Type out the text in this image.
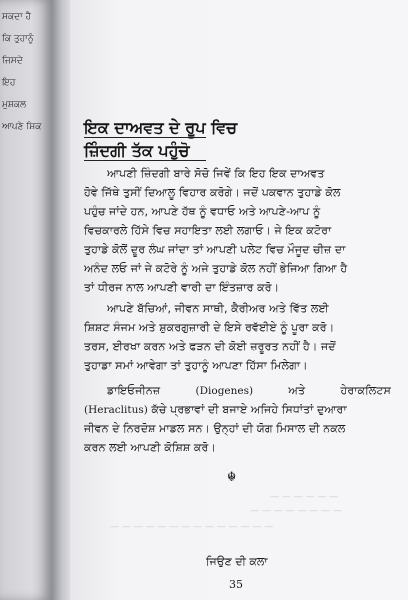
ਸਕਦਾ ਹੈ
ਕਿ ਤੁਹਾਨੂੰ
ਜਿਸਦੇ
ਇਹ
ਮੁਸ਼ਕਲ
ਆਪਣੇ ਸ਼ਿਕ	ਇਕ ਦਾਅਵਤ ਦੇ ਰੂਪ ਵਿਚ
ਜ਼ਿੰਦਗੀ ਤੱਕ ਪਹੁੰਚੋ
ਆਪਣੀ ਜ਼ਿੰਦਗੀ ਬਾਰੇ ਸੋਚੋ ਜਿਵੇਂ ਕਿ ਇਹ ਇਕ ਦਾਅਵਤ
ਹੋਵੇ ਜਿੱਥੇ ਤੁਸੀਂ ਦਿਆਲੂ ਵਿਹਾਰ ਕਰੋਗੇ। ਜਦੋਂ ਪਕਵਾਨ ਤੁਹਾਡੇ ਕੋਲ
ਪਹੁੰਚ ਜਾਂਦੇ ਹਨ, ਆਪਣੇ ਹੱਥ ਨੂੰ ਵਧਾਓ ਅਤੇ ਆਪਣੇ-ਆਪ ਨੂੰ
ਵਿਚਕਾਰਲੇ ਹਿੱਸੇ ਵਿਚ ਸਹਾਇਤਾ ਲਈ ਲਗਾਓ। ਜੇ ਇਕ ਕਟੋਰਾ
ਤੁਹਾਡੇ ਕੋਲੋਂ ਦੂਰ ਲੰਘ ਜਾਂਦਾ ਤਾਂ ਆਪਣੀ ਪਲੇਟ ਵਿਚ ਮੌਜੂਦ ਚੀਜ਼ ਦਾ
ਅਨੰਦ ਲਓ ਜਾਂ ਜੇ ਕਟੋਰੇ ਨੂੰ ਅਜੇ ਤੁਹਾਡੇ ਕੋਲ ਨਹੀਂ ਭੇਜਿਆ ਗਿਆ ਹੈ
ਤਾਂ ਧੀਰਜ ਨਾਲ ਆਪਣੀ ਵਾਰੀ ਦਾ ਇੰਤਜ਼ਾਰ ਕਰੋ।
ਆਪਣੇ ਬੱਚਿਆਂ, ਜੀਵਨ ਸਾਥੀ, ਕੈਰੀਅਰ ਅਤੇ ਵਿੱਤ ਲਈ
ਸ਼ਿਸ਼ਟ ਸੰਜਮ ਅਤੇ ਸ਼ੁਕਰਗੁਜ਼ਾਰੀ ਦੇ ਇਸੇ ਰਵੱਈਏ ਨੂੰ ਪੂਰਾ ਕਰੋ।
ਤਰਸ, ਈਰਖਾ ਕਰਨ ਅਤੇ ਫੜਨ ਦੀ ਕੋਈ ਜ਼ਰੂਰਤ ਨਹੀਂ ਹੈ। ਜਦੋਂ
ਤੁਹਾਡਾ ਸਮਾਂ ਆਵੇਗਾ ਤਾਂ ਤੁਹਾਨੂੰ ਆਪਣਾ ਹਿੱਸਾ ਮਿਲੇਗਾ।
ਡਾਇਓਜੀਨਜ਼	(Diogenes)	ਅਤੇ	ਹੇਰਾਕਲਿਟਸ
(Heraclitus) ਕੱਚੇ ਪ੍ਰਭਾਵਾਂ ਦੀ ਬਜਾਏ ਅਜਿਹੇ ਸਿਧਾਂਤਾਂ ਦੁਆਰਾ
ਜੀਵਨ ਦੇ ਨਿਰਦੋਸ਼ ਮਾਡਲ ਸਨ। ਉਨ੍ਹਾਂ ਦੀ ਯੋਗ ਮਿਸਾਲ ਦੀ ਨਕਲ
ਕਰਨ ਲਈ ਆਪਣੀ ਕੋਸ਼ਿਸ਼ ਕਰੋ।
☬
— — — — — —
— — — — — — — —
— — — — — — — — — — — — — —
ਜਿਉਣ ਦੀ ਕਲਾ
35
